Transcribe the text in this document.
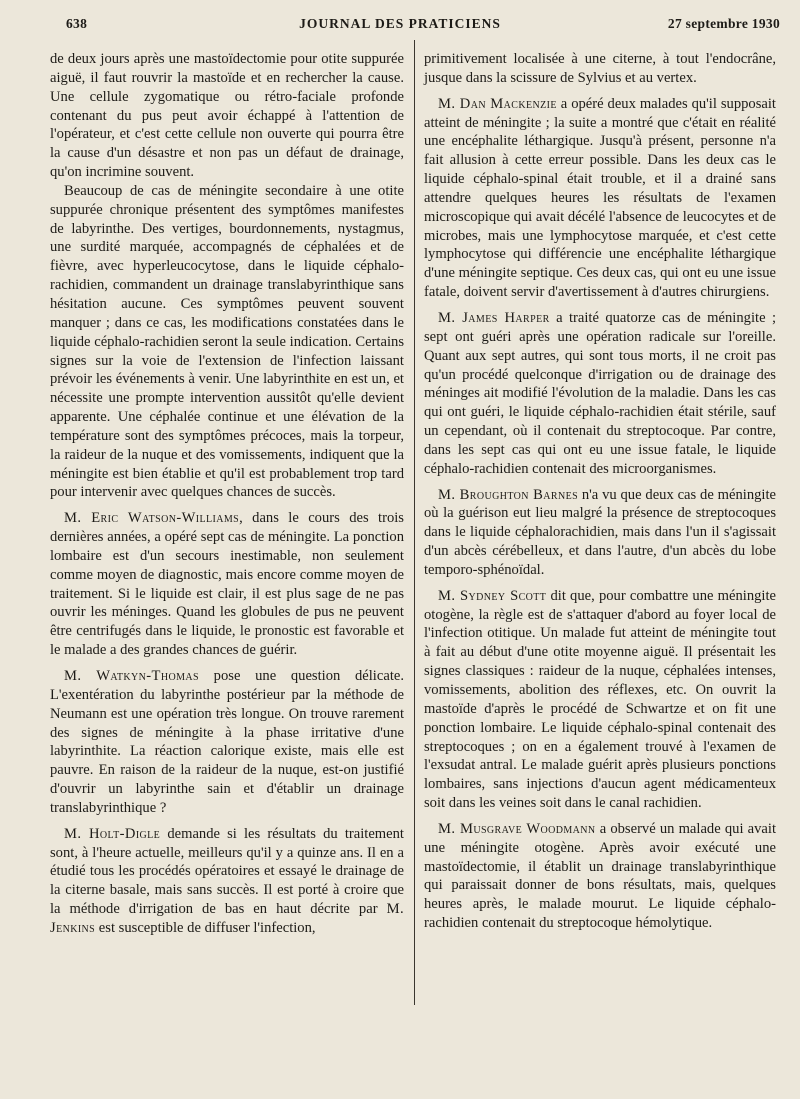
638	JOURNAL DES PRATICIENS	27 septembre 1930

de deux jours après une mastoïdectomie pour otite suppurée aiguë, il faut rouvrir la mastoïde et en rechercher la cause. Une cellule zygomatique ou rétro-faciale profonde contenant du pus peut avoir échappé à l'attention de l'opérateur, et c'est cette cellule non ouverte qui pourra être la cause d'un désastre et non pas un défaut de drainage, qu'on incrimine souvent.

Beaucoup de cas de méningite secondaire à une otite suppurée chronique présentent des symptômes manifestes de labyrinthe. Des vertiges, bourdonnements, nystagmus, une surdité marquée, accompagnés de céphalées et de fièvre, avec hyperleucocytose, dans le liquide céphalo-rachidien, commandent un drainage translabyrinthique sans hésitation aucune. Ces symptômes peuvent souvent manquer ; dans ce cas, les modifications constatées dans le liquide céphalo-rachidien seront la seule indication. Certains signes sur la voie de l'extension de l'infection laissant prévoir les événements à venir. Une labyrinthite en est un, et nécessite une prompte intervention aussitôt qu'elle devient apparente. Une céphalée continue et une élévation de la température sont des symptômes précoces, mais la torpeur, la raideur de la nuque et des vomissements, indiquent que la méningite est bien établie et qu'il est probablement trop tard pour intervenir avec quelques chances de succès.

M. Eric Watson-Williams, dans le cours des trois dernières années, a opéré sept cas de méningite. La ponction lombaire est d'un secours inestimable, non seulement comme moyen de diagnostic, mais encore comme moyen de traitement. Si le liquide est clair, il est plus sage de ne pas ouvrir les méninges. Quand les globules de pus ne peuvent être centrifugés dans le liquide, le pronostic est favorable et le malade a des grandes chances de guérir.

M. Watkyn-Thomas pose une question délicate. L'exentération du labyrinthe postérieur par la méthode de Neumann est une opération très longue. On trouve rarement des signes de méningite à la phase irritative d'une labyrinthite. La réaction calorique existe, mais elle est pauvre. En raison de la raideur de la nuque, est-on justifié d'ouvrir un labyrinthe sain et d'établir un drainage translabyrinthique ?

M. Holt-Digle demande si les résultats du traitement sont, à l'heure actuelle, meilleurs qu'il y a quinze ans. Il en a étudié tous les procédés opératoires et essayé le drainage de la citerne basale, mais sans succès. Il est porté à croire que la méthode d'irrigation de bas en haut décrite par M. Jenkins est susceptible de diffuser l'infection,

primitivement localisée à une citerne, à tout l'endocrâne, jusque dans la scissure de Sylvius et au vertex.

M. Dan Mackenzie a opéré deux malades qu'il supposait atteint de méningite ; la suite a montré que c'était en réalité une encéphalite léthargique. Jusqu'à présent, personne n'a fait allusion à cette erreur possible. Dans les deux cas le liquide céphalo-spinal était trouble, et il a drainé sans attendre quelques heures les résultats de l'examen microscopique qui avait décélé l'absence de leucocytes et de microbes, mais une lymphocytose marquée, et c'est cette lymphocytose qui différencie une encéphalite léthargique d'une méningite septique. Ces deux cas, qui ont eu une issue fatale, doivent servir d'avertissement à d'autres chirurgiens.

M. James Harper a traité quatorze cas de méningite ; sept ont guéri après une opération radicale sur l'oreille. Quant aux sept autres, qui sont tous morts, il ne croit pas qu'un procédé quelconque d'irrigation ou de drainage des méninges ait modifié l'évolution de la maladie. Dans les cas qui ont guéri, le liquide céphalo-rachidien était stérile, sauf un cependant, où il contenait du streptocoque. Par contre, dans les sept cas qui ont eu une issue fatale, le liquide céphalo-rachidien contenait des microorganismes.

M. Broughton Barnes n'a vu que deux cas de méningite où la guérison eut lieu malgré la présence de streptocoques dans le liquide céphalorachidien, mais dans l'un il s'agissait d'un abcès cérébelleux, et dans l'autre, d'un abcès du lobe temporo-sphénoïdal.

M. Sydney Scott dit que, pour combattre une méningite otogène, la règle est de s'attaquer d'abord au foyer local de l'infection otitique. Un malade fut atteint de méningite tout à fait au début d'une otite moyenne aiguë. Il présentait les signes classiques : raideur de la nuque, céphalées intenses, vomissements, abolition des réflexes, etc. On ouvrit la mastoïde d'après le procédé de Schwartze et on fit une ponction lombaire. Le liquide céphalo-spinal contenait des streptocoques ; on en a également trouvé à l'examen de l'exsudat antral. Le malade guérit après plusieurs ponctions lombaires, sans injections d'aucun agent médicamenteux soit dans les veines soit dans le canal rachidien.

M. Musgrave Woodmann a observé un malade qui avait une méningite otogène. Après avoir exécuté une mastoïdectomie, il établit un drainage translabyrinthique qui paraissait donner de bons résultats, mais, quelques heures après, le malade mourut. Le liquide céphalo-rachidien contenait du streptocoque hémolytique.
